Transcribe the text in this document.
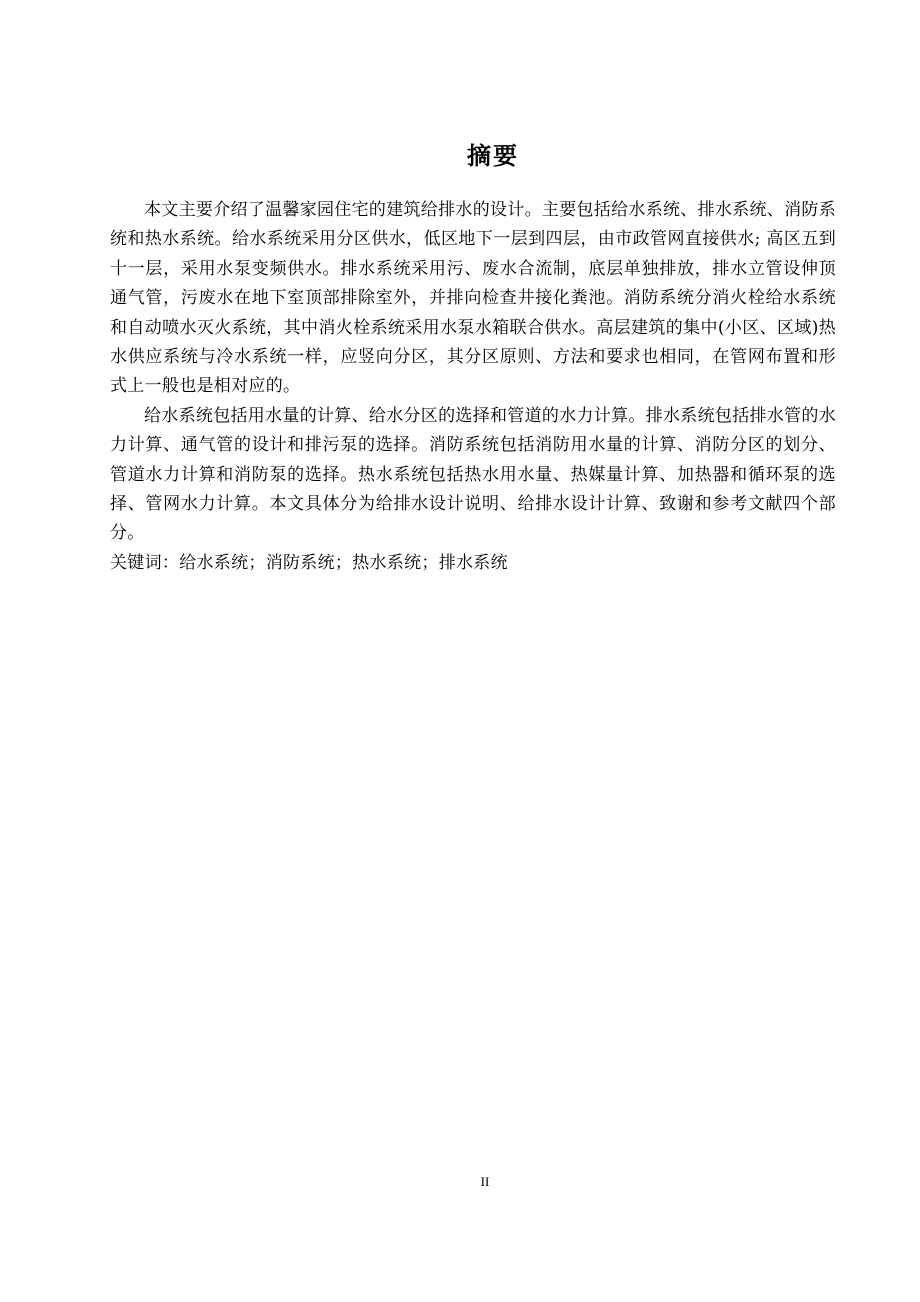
摘要

本文主要介绍了温馨家园住宅的建筑给排水的设计。主要包括给水系统、排水系统、消防系统和热水系统。给水系统采用分区供水，低区地下一层到四层，由市政管网直接供水; 高区五到十一层，采用水泵变频供水。排水系统采用污、废水合流制，底层单独排放，排水立管设伸顶通气管，污废水在地下室顶部排除室外，并排向检查井接化粪池。消防系统分消火栓给水系统和自动喷水灭火系统，其中消火栓系统采用水泵水箱联合供水。高层建筑的集中(小区、区域)热水供应系统与冷水系统一样，应竖向分区，其分区原则、方法和要求也相同，在管网布置和形式上一般也是相对应的。

给水系统包括用水量的计算、给水分区的选择和管道的水力计算。排水系统包括排水管的水力计算、通气管的设计和排污泵的选择。消防系统包括消防用水量的计算、消防分区的划分、管道水力计算和消防泵的选择。热水系统包括热水用水量、热媒量计算、加热器和循环泵的选择、管网水力计算。本文具体分为给排水设计说明、给排水设计计算、致谢和参考文献四个部分。

关键词：给水系统；消防系统；热水系统；排水系统

II
